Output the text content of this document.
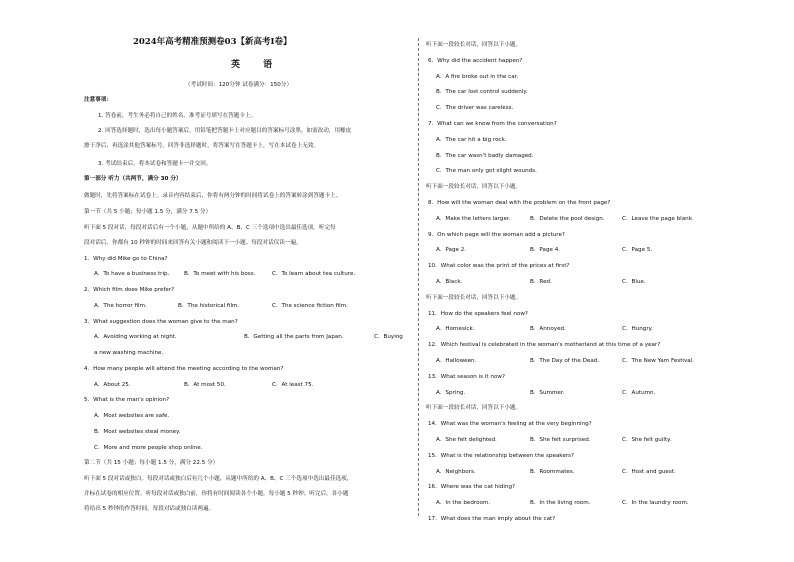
2024年高考精准预测卷03【新高考I卷】
英 语
（考试时间：120分钟 试卷满分：150分）
注意事项：
1. 答卷前，考生务必将自己的姓名、准考证号填写在答题卡上。
2. 回答选择题时，选出每小题答案后，用铅笔把答题卡上对应题目的答案标号涂黑。如需改动，用橡皮
擦干净后，再选涂其他答案标号。回答非选择题时，将答案写在答题卡上，写在本试卷上无效。
3. 考试结束后，将本试卷和答题卡一并交回。
第一部分 听力（共两节，满分 30 分）
做题时，先将答案标在试卷上。录音内容结束后，你将有两分钟的时间将试卷上的答案转涂到答题卡上。
第一节（共 5 小题；每小题 1.5 分，满分 7.5 分）
听下面 5 段对话，每段对话后有一个小题，从题中所给的 A、B、C 三个选项中选出最佳选项。听完每
段对话后，你都有 10 秒钟的时间来回答有关小题和阅读下一小题。每段对话仅读一遍。
1．Why did Mike go to China?
A．To have a business trip.	B．To meet with his boss.	C．To learn about tea culture.
2．Which film does Mike prefer?
A．The horror film.	B．The historical film.	C．The science fiction film.
3．What suggestion does the woman give to the man?
A．Avoiding working at night.	B．Getting all the parts from Japan.	C．Buying
a new washing machine.
4．How many people will attend the meeting according to the woman?
A．About 25.	B．At most 50.	C．At least 75.
5．What is the man's opinion?
A．Most websites are safe.
B．Most websites steal money.
C．More and more people shop online.
第二节（共 15 小题；每小题 1.5 分，满分 22.5 分）
听下面 5 段对话或独白。每段对话或独白后有几个小题，从题中所给的 A、B、C 三个选项中选出最佳选项，
并标在试卷的相应位置。听每段对话或独白前，你将有时间阅读各个小题，每小题 5 秒钟；听完后，各小题
将给出 5 秒钟的作答时间。每段对话或独白读两遍。
听下面一段较长对话，回答以下小题。
6．Why did the accident happen?
A．A fire broke out in the car.
B．The car lost control suddenly.
C．The driver was careless.
7．What can we know from the conversation?
A．The car hit a big rock.
B．The car wasn't badly damaged.
C．The man only got slight wounds.
听下面一段较长对话，回答以下小题。
8．How will the woman deal with the problem on the front page?
A．Make the letters larger.	B．Delete the pool design.	C．Leave the page blank.
9．On which page will the woman add a picture?
A．Page 2.	B．Page 4.	C．Page 5.
10．What color was the print of the prices at first?
A．Black.	B．Red.	C．Blue.
听下面一段较长对话，回答以下小题。
11．How do the speakers feel now?
A．Homesick.	B．Annoyed.	C．Hungry.
12．Which festival is celebrated in the woman's motherland at this time of a year?
A．Halloween.	B．The Day of the Dead.	C．The New Yam Festival.
13．What season is it now?
A．Spring.	B．Summer.	C．Autumn.
听下面一段较长对话，回答以下小题。
14．What was the woman's feeling at the very beginning?
A．She felt delighted.	B．She felt surprised.	C．She felt guilty.
15．What is the relationship between the speakers?
A．Neighbors.	B．Roommates.	C．Host and guest.
16．Where was the cat hiding?
A．In the bedroom.	B．In the living room.	C．In the laundry room.
17．What does the man imply about the cat?
